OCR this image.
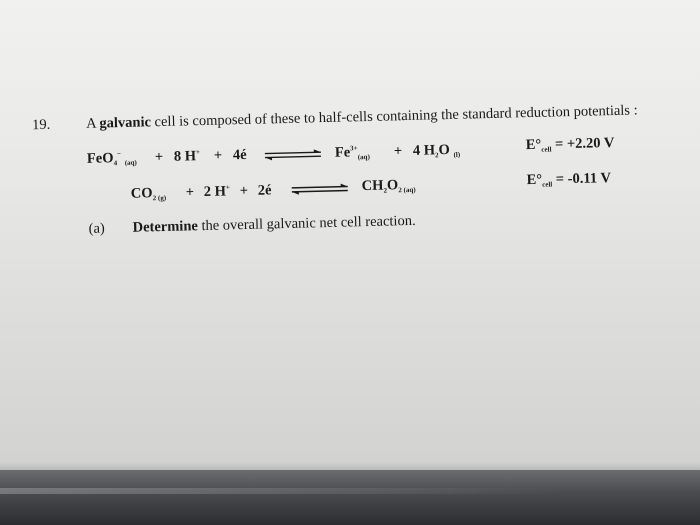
19. A galvanic cell is composed of these to half-cells containing the standard reduction potentials :
FeO$_4$− $_{(aq)}$ + 8 H+ + 4é	$Fe^{3+}_{(aq)} + 4$ $H_2O$ $_{(l)}$
$E^\circ_{cell} = +2.20$ V
$CO_{2 (g)} + 2$ H+ + 2é	$CH_2O_{2 (aq)}$
$E^\circ_{cell} = -0.11$ V
(a) Determine the overall galvanic net cell reaction.
